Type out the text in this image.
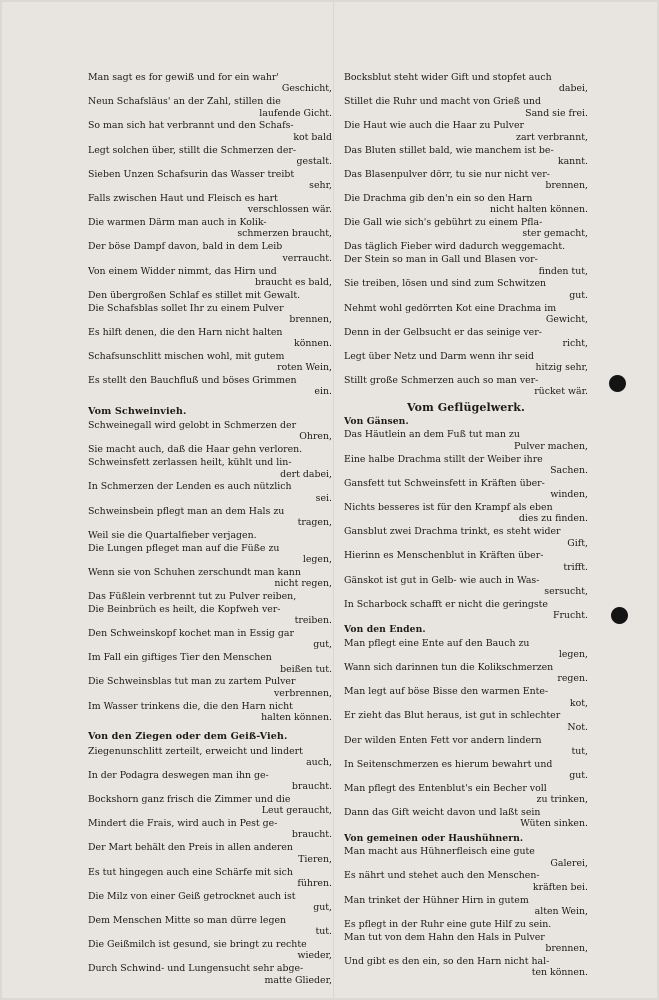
Man sagt es for gewiß und for ein wahr'
Geschicht,
Neun Schafsläus' an der Zahl, stillen die
laufende Gicht.
So man sich hat verbrannt und den Schafs-
kot bald
Legt solchen über, stillt die Schmerzen der-
gestalt.
Sieben Unzen Schafsurin das Wasser treibt
sehr,
Falls zwischen Haut und Fleisch es hart
verschlossen wär.
Die warmen Därm man auch in Kolik-
schmerzen braucht,
Der böse Dampf davon, bald in dem Leib
verraucht.
Von einem Widder nimmt, das Hirn und
braucht es bald,
Den übergroßen Schlaf es stillet mit Gewalt.
Die Schafsblas sollet Ihr zu einem Pulver
brennen,
Es hilft denen, die den Harn nicht halten
können.
Schafsunschlitt mischen wohl, mit gutem
roten Wein,
Es stellt den Bauchfluß und böses Grimmen
ein.
Vom Schweinvieh.
Schweinegall wird gelobt in Schmerzen der
Ohren,
Sie macht auch, daß die Haar gehn verloren.
Schweinsfett zerlassen heilt, kühlt und lin-
dert dabei,
In Schmerzen der Lenden es auch nützlich
sei.
Schweinsbein pflegt man an dem Hals zu
tragen,
Weil sie die Quartalfieber verjagen.
Die Lungen pfleget man auf die Füße zu
legen,
Wenn sie von Schuhen zerschundt man kann
nicht regen,
Das Füßlein verbrennt tut zu Pulver reiben,
Die Beinbrüch es heilt, die Kopfweh ver-
treiben.
Den Schweinskopf kochet man in Essig gar
gut,
Im Fall ein giftiges Tier den Menschen
beißen tut.
Die Schweinsblas tut man zu zartem Pulver
verbrennen,
Im Wasser trinkens die, die den Harn nicht
halten können.
Von den Ziegen oder dem Geiß-Vieh.
Ziegenunschlitt zerteilt, erweicht und lindert
auch,
In der Podagra deswegen man ihn ge-
braucht.
Bockshorn ganz frisch die Zimmer und die
Leut geraucht,
Mindert die Frais, wird auch in Pest ge-
braucht.
Der Mart behält den Preis in allen anderen
Tieren,
Es tut hingegen auch eine Schärfe mit sich
führen.
Die Milz von einer Geiß getrocknet auch ist
gut,
Dem Menschen Mitte so man dürre legen
tut.
Die Geißmilch ist gesund, sie bringt zu rechte
wieder,
Durch Schwind- und Lungensucht sehr abge-
matte Glieder,
Bocksblut steht wider Gift und stopfet auch
dabei,
Stillet die Ruhr und macht von Grieß und
Sand sie frei.
Die Haut wie auch die Haar zu Pulver
zart verbrannt,
Das Bluten stillet bald, wie manchem ist be-
kannt.
Das Blasenpulver dörr, tu sie nur nicht ver-
brennen,
Die Drachma gib den'n ein so den Harn
nicht halten können.
Die Gall wie sich's gebührt zu einem Pfla-
ster gemacht,
Das täglich Fieber wird dadurch weggemacht.
Der Stein so man in Gall und Blasen vor-
finden tut,
Sie treiben, lösen und sind zum Schwitzen
gut.
Nehmt wohl gedörrten Kot eine Drachma im
Gewicht,
Denn in der Gelbsucht er das seinige ver-
richt,
Legt über Netz und Darm wenn ihr seid
hitzig sehr,
Stillt große Schmerzen auch so man ver-
rücket wär.
Vom Geflügelwerk.
Von Gänsen.
Das Häutlein an dem Fuß tut man zu
Pulver machen,
Eine halbe Drachma stillt der Weiber ihre
Sachen.
Gansfett tut Schweinsfett in Kräften über-
winden,
Nichts besseres ist für den Krampf als eben
dies zu finden.
Gansblut zwei Drachma trinkt, es steht wider
Gift,
Hierinn es Menschenblut in Kräften über-
trifft.
Gänskot ist gut in Gelb- wie auch in Was-
sersucht,
In Scharbock schafft er nicht die geringste
Frucht.
Von den Enden.
Man pflegt eine Ente auf den Bauch zu
legen,
Wann sich darinnen tun die Kolikschmerzen
regen.
Man legt auf böse Bisse den warmen Ente-
kot,
Er zieht das Blut heraus, ist gut in schlechter
Not.
Der wilden Enten Fett vor andern lindern
tut,
In Seitenschmerzen es hierum bewahrt und
gut.
Man pflegt des Entenblut's ein Becher voll
zu trinken,
Dann das Gift weicht davon und laßt sein
Wüten sinken.
Von gemeinen oder Haushühnern.
Man macht aus Hühnerfleisch eine gute
Galerei,
Es nährt und stehet auch den Menschen-
kräften bei.
Man trinket der Hühner Hirn in gutem
alten Wein,
Es pflegt in der Ruhr eine gute Hilf zu sein.
Man tut von dem Hahn den Hals in Pulver
brennen,
Und gibt es den ein, so den Harn nicht hal-
ten können.
